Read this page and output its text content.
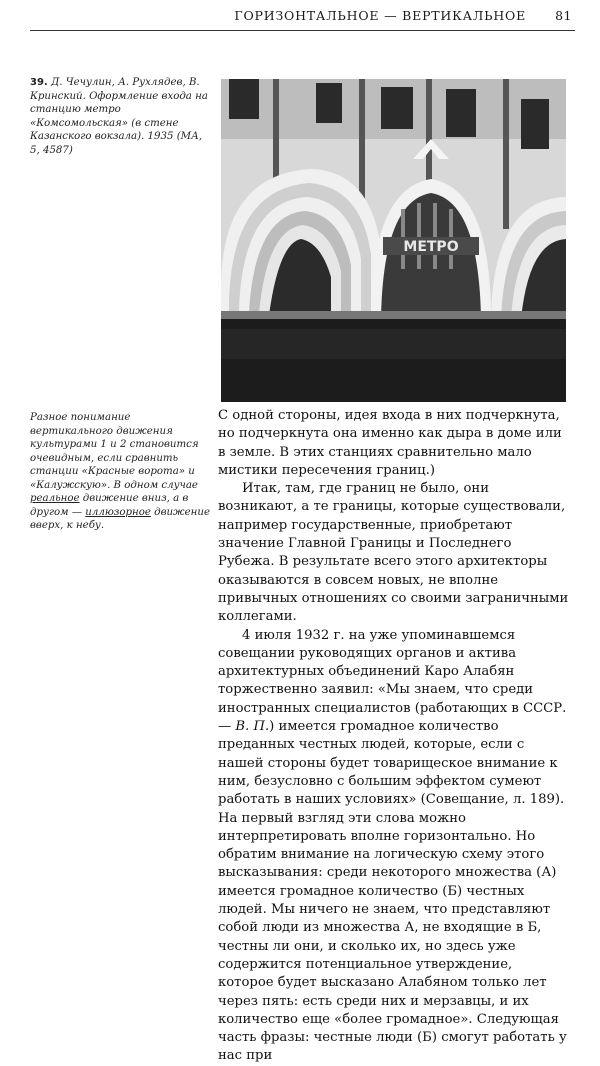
ГОРИЗОНТАЛЬНОЕ — ВЕРТИКАЛЬНОЕ 81
39. Д. Чечулин, А. Рухлядев, В. Кринский. Оформление входа на станцию метро «Комсомольская» (в стене Казанского вокзала). 1935 (МА, 5, 4587)
МЕТРО
Разное понимание вертикального движения культурами 1 и 2 становится очевидным, если сравнить станции «Красные ворота» и «Калужскую». В одном случае реальное движение вниз, а в другом — иллюзорное движение вверх, к небу.

С одной стороны, идея входа в них подчеркнута, но подчеркнута она именно как дыра в доме или в земле. В этих станциях сравнительно мало мистики пересечения границ.)

Итак, там, где границ не было, они возникают, а те границы, которые существовали, например государственные, приобретают значение Главной Границы и Последнего Рубежа. В результате всего этого архитекторы оказываются в совсем новых, не вполне привычных отношениях со своими заграничными коллегами.

4 июля 1932 г. на уже упоминавшемся совещании руководящих органов и актива архитектурных объединений Каро Алабян торжественно заявил: «Мы знаем, что среди иностранных специалистов (работающих в СССР. — В. П.) имеется громадное количество преданных честных людей, которые, если с нашей стороны будет товарищеское внимание к ним, безусловно с большим эффектом сумеют работать в наших условиях» (Совещание, л. 189). На первый взгляд эти слова можно интерпретировать вполне горизонтально. Но обратим внимание на логическую схему этого высказывания: среди некоторого множества (А) имеется громадное количество (Б) честных людей. Мы ничего не знаем, что представляют собой люди из множества А, не входящие в Б, честны ли они, и сколько их, но здесь уже содержится потенциальное утверждение, которое будет высказано Алабяном только лет через пять: есть среди них и мерзавцы, и их количество еще «более громадное». Следующая часть фразы: честные люди (Б) смогут работать у нас при
